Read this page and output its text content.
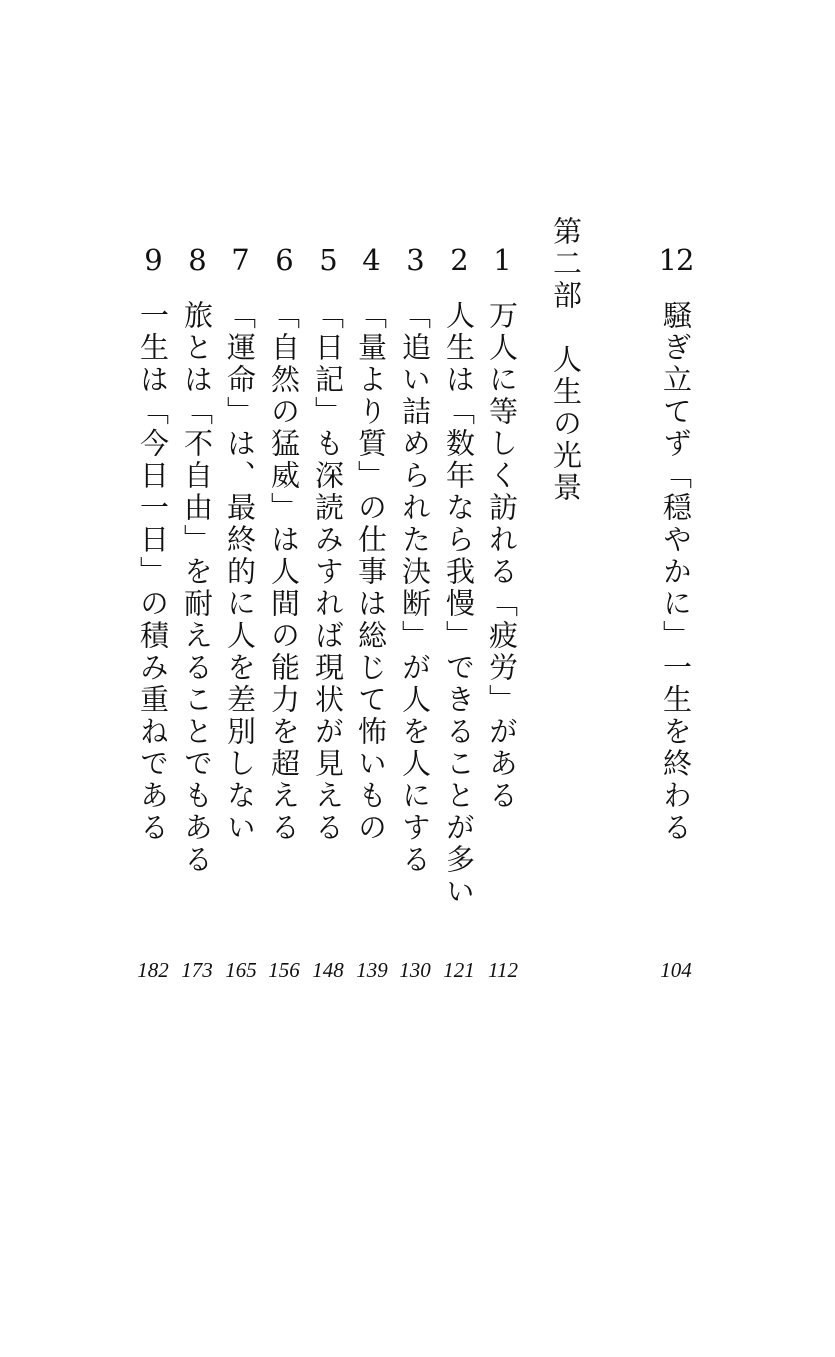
12
騒ぎ立てず「穏やかに」一生を終わる
104
第二部　人生の光景
1
万人に等しく訪れる「疲労」がある
112
2
人生は「数年なら我慢」できることが多い
121
3
「追い詰められた決断」が人を人にする
130
4
「量より質」の仕事は総じて怖いもの
139
5
「日記」も深読みすれば現状が見える
148
6
「自然の猛威」は人間の能力を超える
156
7
「運命」は、最終的に人を差別しない
165
8
旅とは「不自由」を耐えることでもある
173
9
一生は「今日一日」の積み重ねである
182
